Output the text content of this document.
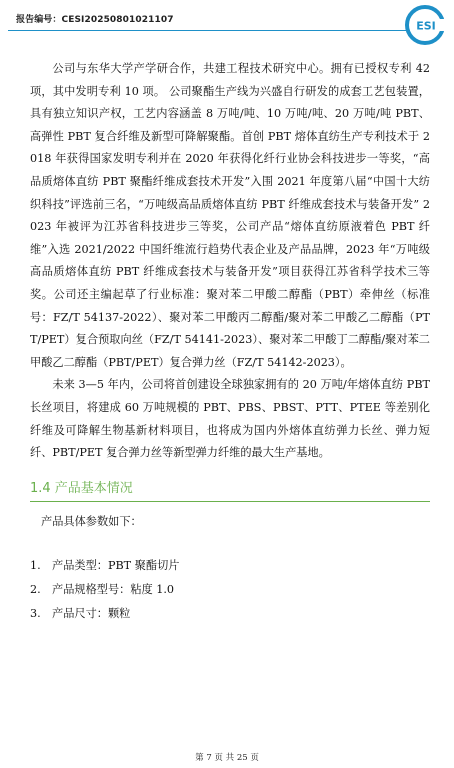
报告编号：CESI20250801021107	ESI

公司与东华大学产学研合作，共建工程技术研究中心。拥有已授权专利 42 项，其中发明专利 10 项。 公司聚酯生产线为兴盛自行研发的成套工艺包装置，具有独立知识产权，工艺内容涵盖 8 万吨/吨、10 万吨/吨、20 万吨/吨 PBT、高弹性 PBT 复合纤维及新型可降解聚酯。首创 PBT 熔体直纺生产专利技术于 2018 年获得国家发明专利并在 2020 年获得化纤行业协会科技进步一等奖，“高品质熔体直纺 PBT 聚酯纤维成套技术开发”入围 2021 年度第八届“中国十大纺织科技”评选前三名，“万吨级高品质熔体直纺 PBT 纤维成套技术与装备开发” 2023 年被评为江苏省科技进步三等奖，公司产品“熔体直纺原液着色 PBT 纤维”入选 2021/2022 中国纤维流行趋势代表企业及产品品牌，2023 年“万吨级高品质熔体直纺 PBT 纤维成套技术与装备开发”项目获得江苏省科学技术三等奖。公司还主编起草了行业标准：聚对苯二甲酸二醇酯（PBT）牵伸丝（标准号：FZ/T 54137-2022）、聚对苯二甲酸丙二醇酯/聚对苯二甲酸乙二醇酯（PTT/PET）复合预取向丝（FZ/T 54141-2023）、聚对苯二甲酸丁二醇酯/聚对苯二甲酸乙二醇酯（PBT/PET）复合弹力丝（FZ/T 54142-2023）。

未来 3—5 年内，公司将首创建设全球独家拥有的 20 万吨/年熔体直纺 PBT 长丝项目，将建成 60 万吨规模的 PBT、PBS、PBST、PTT、PTEE 等差别化纤维及可降解生物基新材料项目，也将成为国内外熔体直纺弹力长丝、弹力短纤、PBT/PET 复合弹力丝等新型弹力纤维的最大生产基地。

1.4 产品基本情况
产品具体参数如下：
1.	产品类型：PBT 聚酯切片
2.	产品规格型号：粘度 1.0
3.	产品尺寸：颗粒
第 7 页 共 25 页
